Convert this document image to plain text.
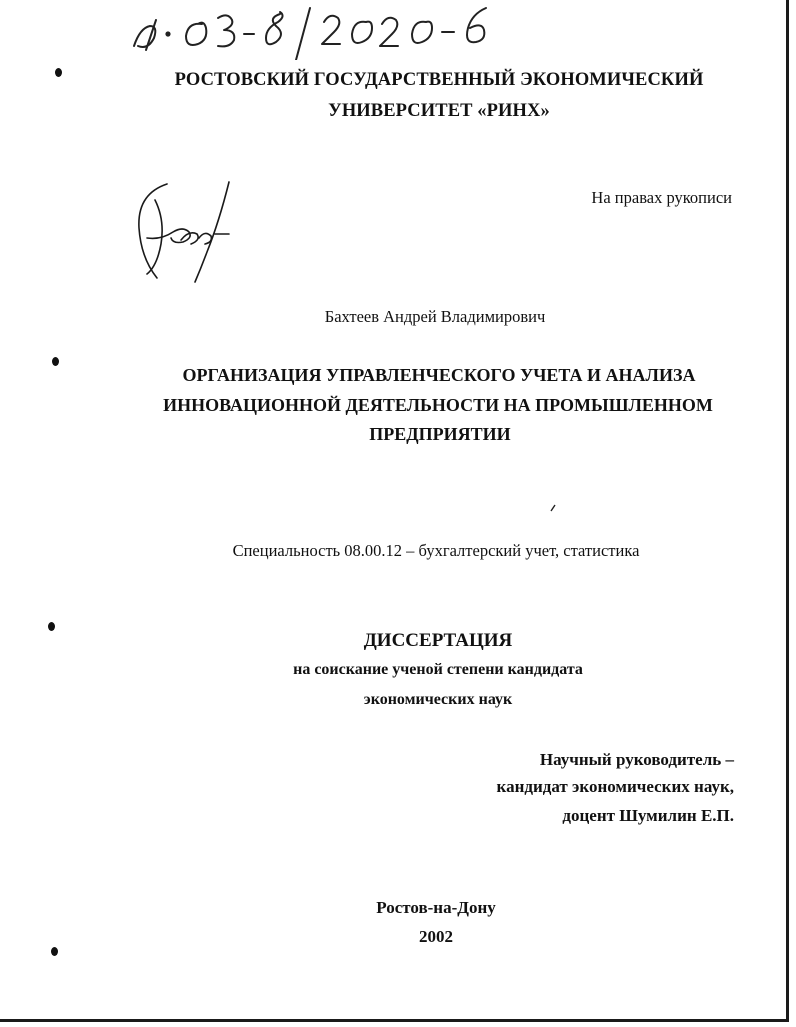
РОСТОВСКИЙ ГОСУДАРСТВЕННЫЙ ЭКОНОМИЧЕСКИЙ
УНИВЕРСИТЕТ «РИНХ»
На правах рукописи
Бахтеев Андрей Владимирович
ОРГАНИЗАЦИЯ УПРАВЛЕНЧЕСКОГО УЧЕТА И АНАЛИЗА
ИННОВАЦИОННОЙ ДЕЯТЕЛЬНОСТИ НА ПРОМЫШЛЕННОМ
ПРЕДПРИЯТИИ
Специальность 08.00.12 – бухгалтерский учет, статистика
ДИССЕРТАЦИЯ
на соискание ученой степени кандидата
экономических наук
Научный руководитель –
кандидат экономических наук,
доцент Шумилин Е.П.
Ростов-на-Дону
2002
